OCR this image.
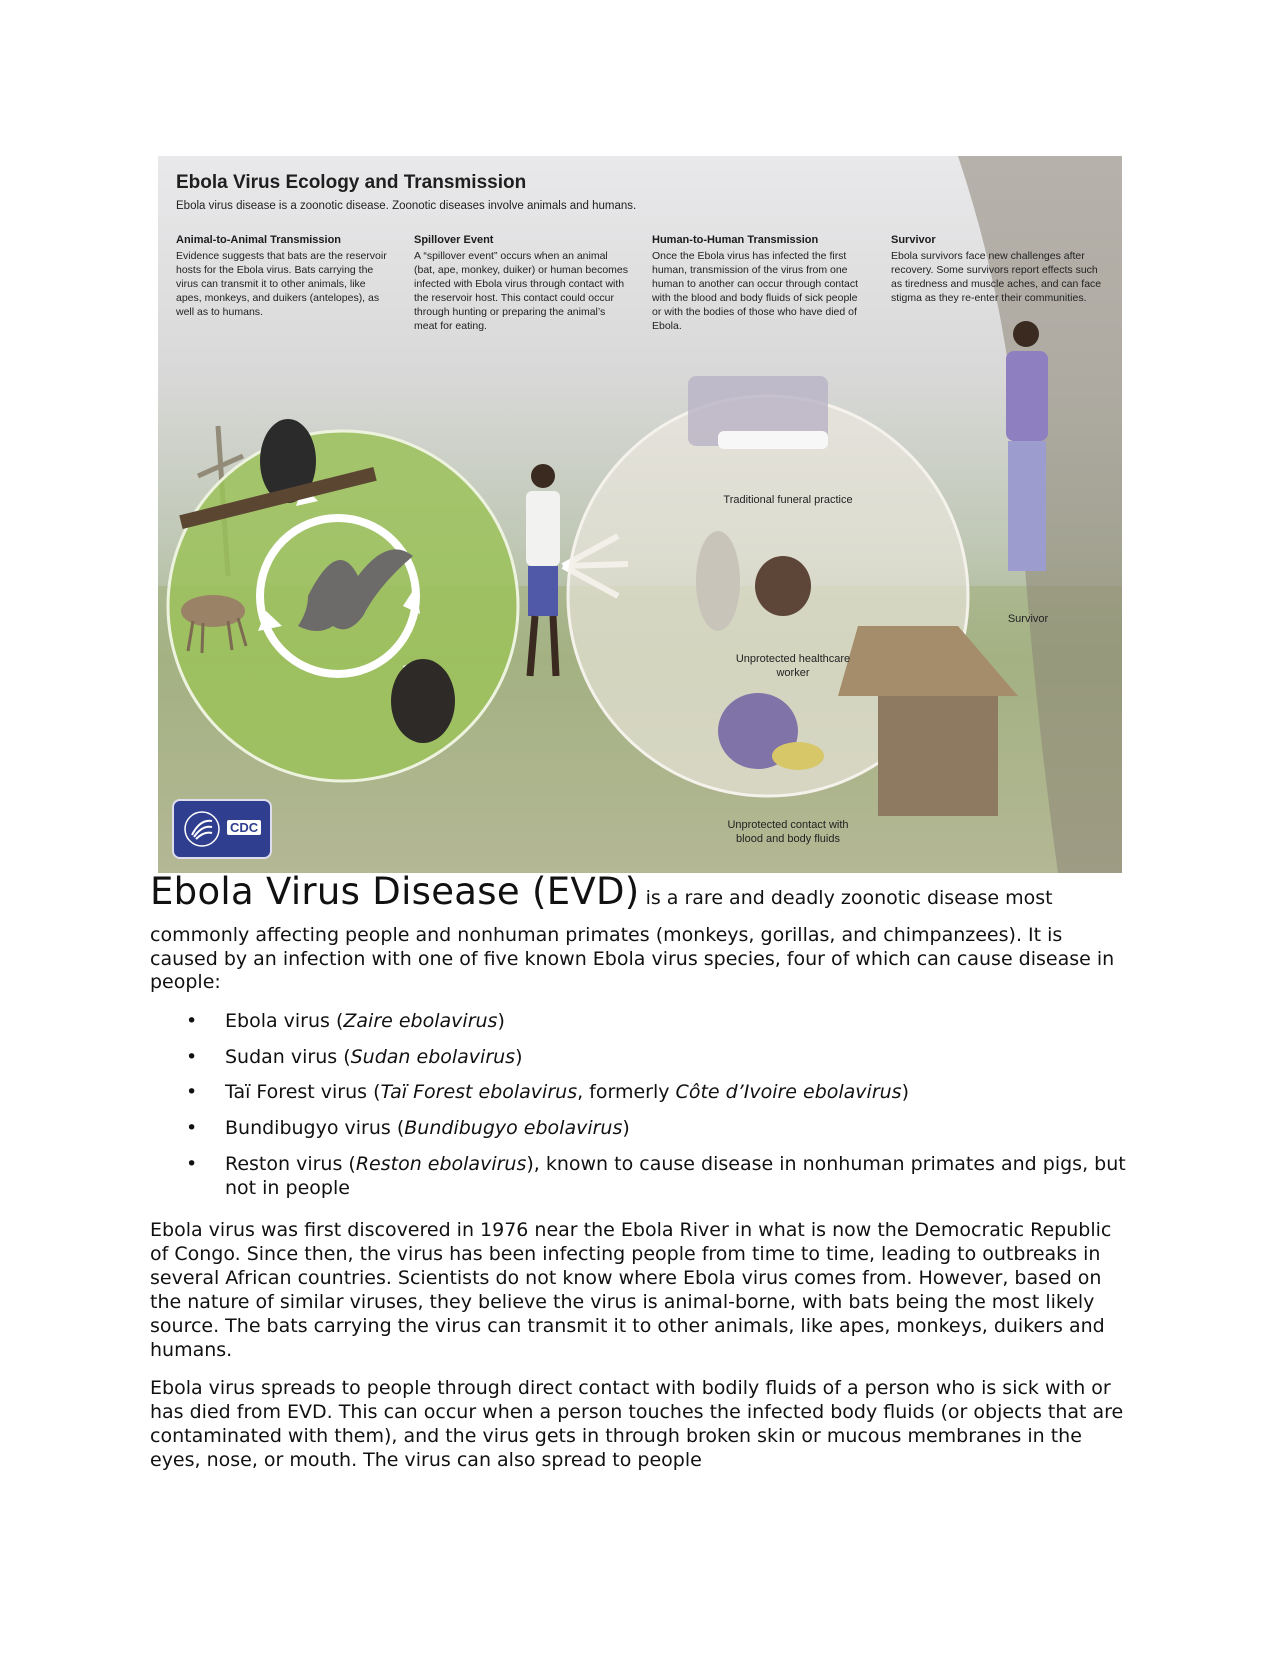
Ebola Virus Ecology and Transmission
Ebola virus disease is a zoonotic disease. Zoonotic diseases involve animals and humans.
Animal-to-Animal Transmission
Evidence suggests that bats are the reservoir hosts for the Ebola virus. Bats carrying the virus can transmit it to other animals, like apes, monkeys, and duikers (antelopes), as well as to humans.
Spillover Event
A “spillover event” occurs when an animal (bat, ape, monkey, duiker) or human becomes infected with Ebola virus through contact with the reservoir host. This contact could occur through hunting or preparing the animal’s meat for eating.
Human-to-Human Transmission
Once the Ebola virus has infected the first human, transmission of the virus from one human to another can occur through contact with the blood and body fluids of sick people or with the bodies of those who have died of Ebola.
Survivor
Ebola survivors face new challenges after recovery. Some survivors report effects such as tiredness and muscle aches, and can face stigma as they re-enter their communities.
Traditional funeral practice
Unprotected healthcare worker
Unprotected contact with blood and body fluids
Survivor
CDC
Ebola Virus Disease (EVD) is a rare and deadly zoonotic disease most
commonly affecting people and nonhuman primates (monkeys, gorillas, and chimpanzees). It is caused by an infection with one of five known Ebola virus species, four of which can cause disease in people:
• Ebola virus (Zaire ebolavirus)
• Sudan virus (Sudan ebolavirus)
• Taï Forest virus (Taï Forest ebolavirus, formerly Côte d’Ivoire ebolavirus)
• Bundibugyo virus (Bundibugyo ebolavirus)
• Reston virus (Reston ebolavirus), known to cause disease in nonhuman primates and pigs, but not in people

Ebola virus was first discovered in 1976 near the Ebola River in what is now the Democratic Republic of Congo. Since then, the virus has been infecting people from time to time, leading to outbreaks in several African countries. Scientists do not know where Ebola virus comes from. However, based on the nature of similar viruses, they believe the virus is animal-borne, with bats being the most likely source. The bats carrying the virus can transmit it to other animals, like apes, monkeys, duikers and humans.

Ebola virus spreads to people through direct contact with bodily fluids of a person who is sick with or has died from EVD. This can occur when a person touches the infected body fluids (or objects that are contaminated with them), and the virus gets in through broken skin or mucous membranes in the eyes, nose, or mouth. The virus can also spread to people
